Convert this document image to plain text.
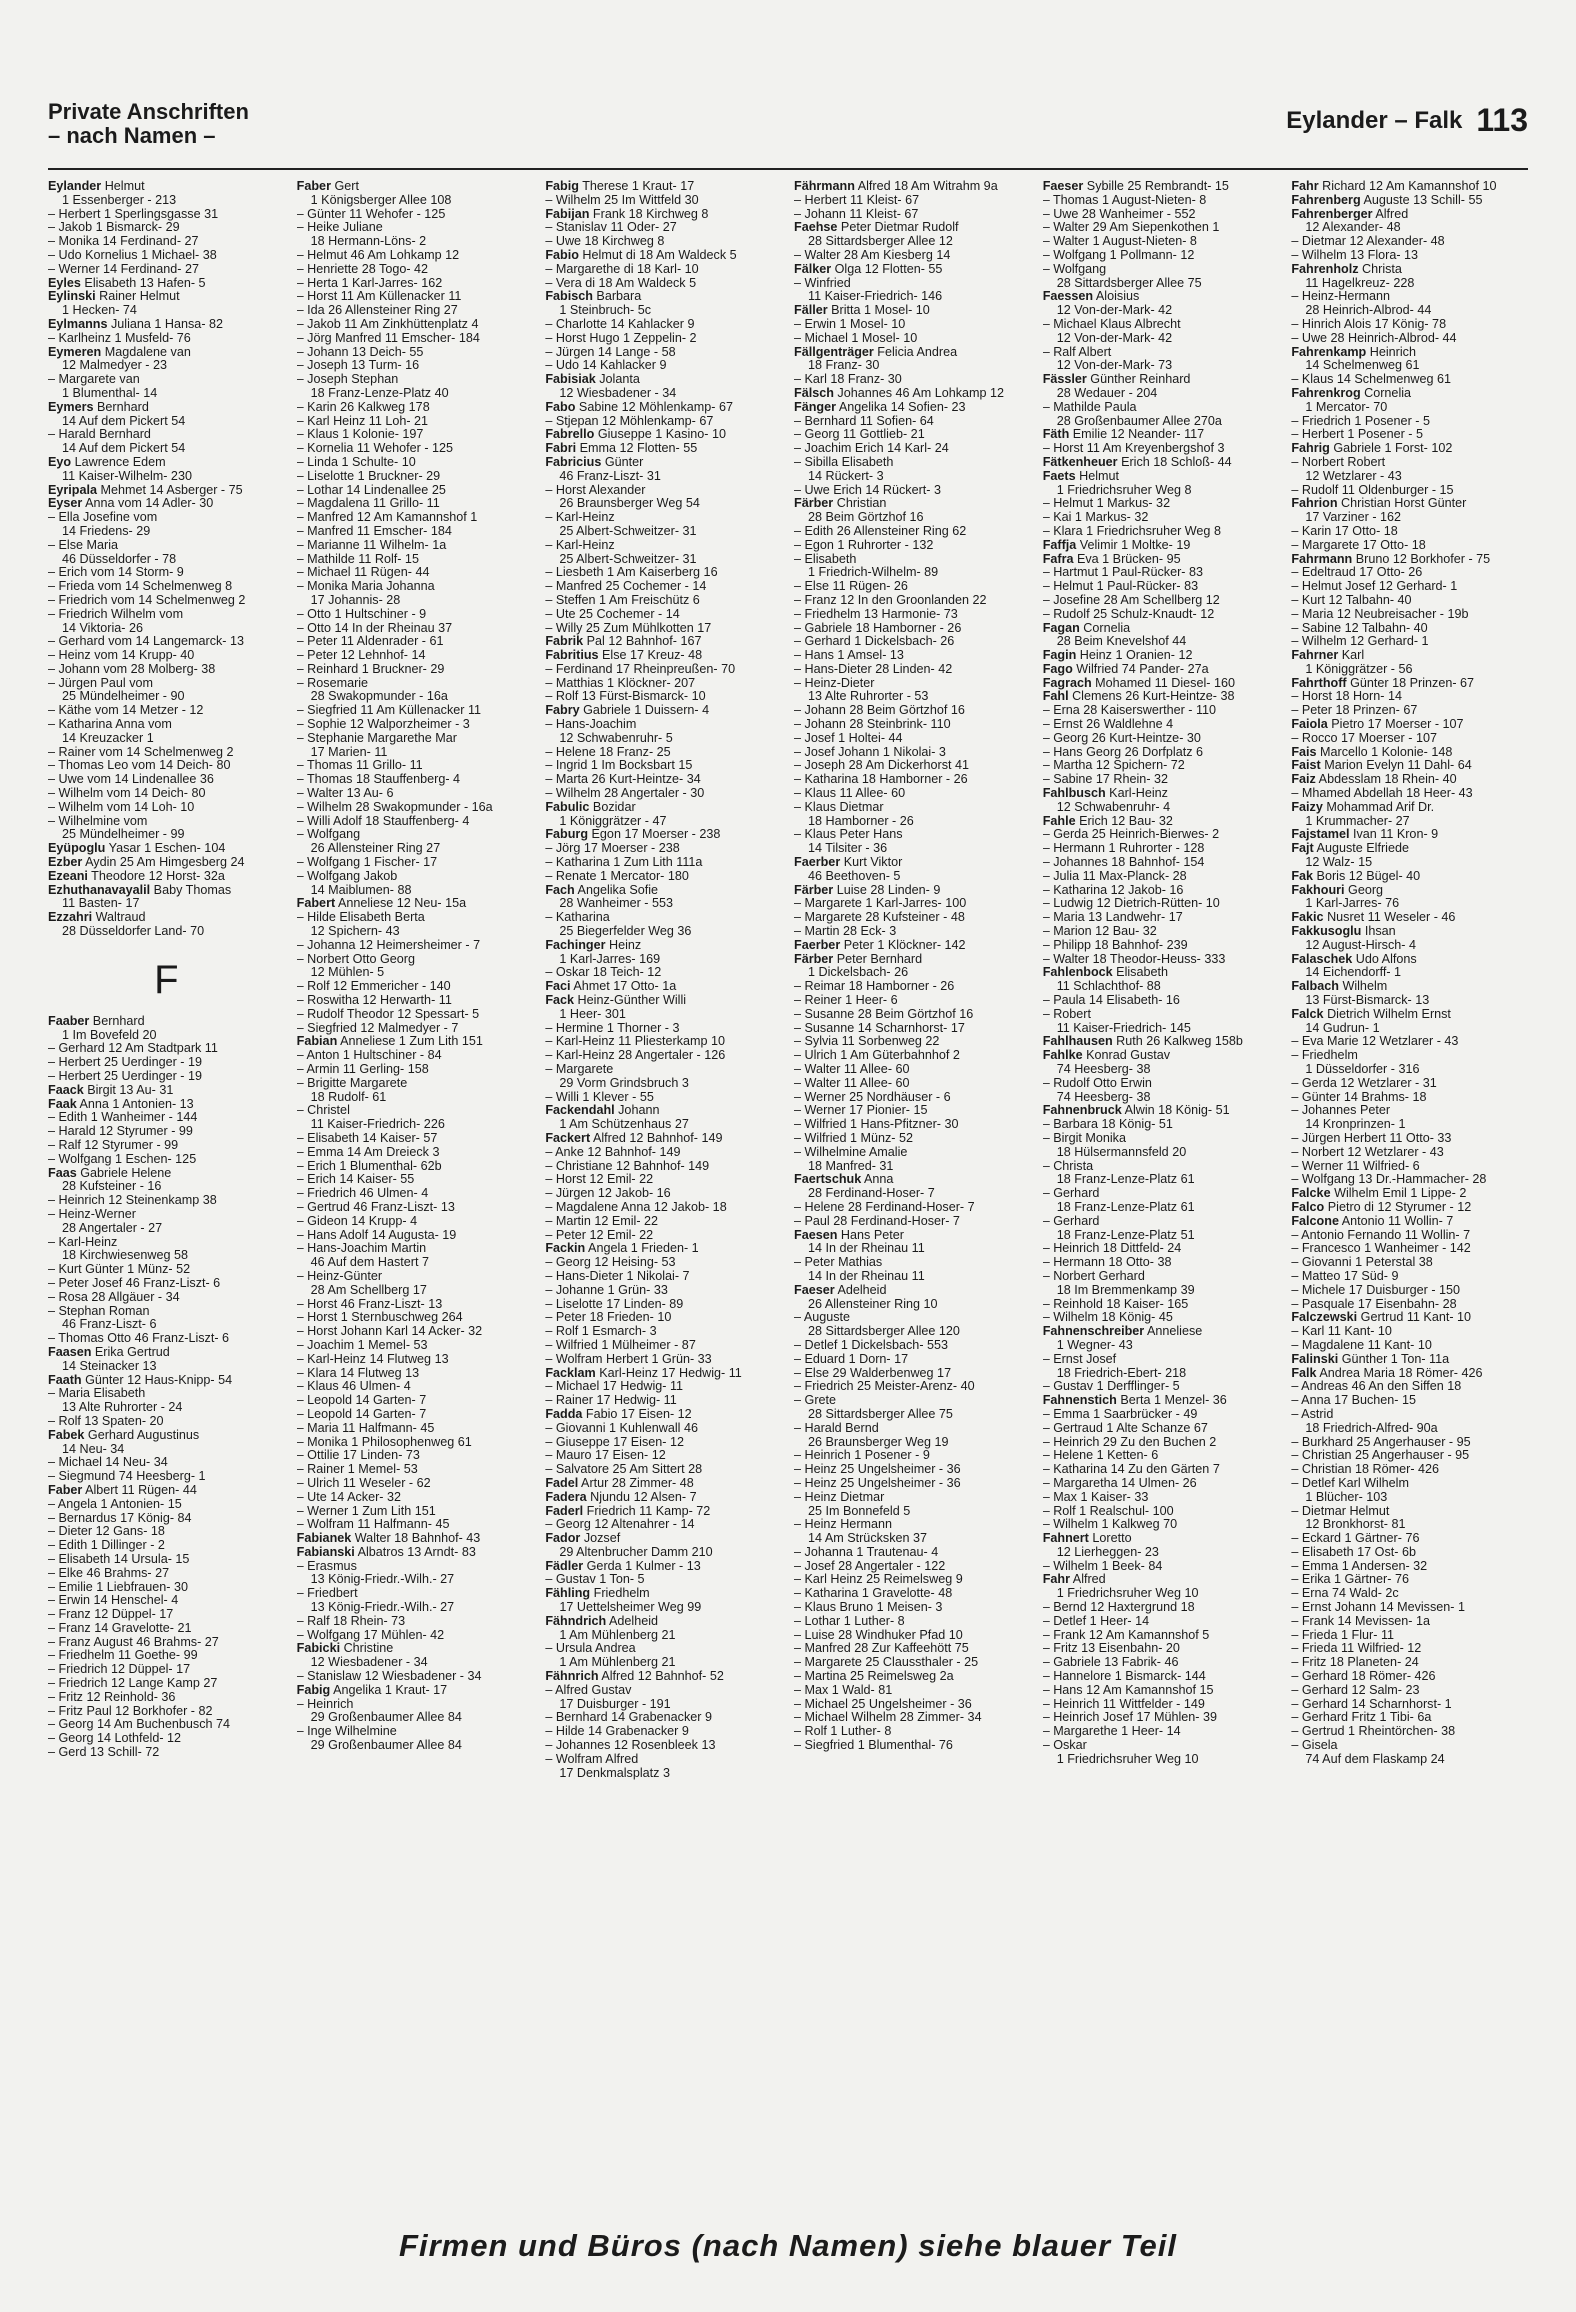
Private Anschriften
– nach Namen –
Eylander – Falk 113
Eylander Helmut
1 Essenberger - 213
– Herbert 1 Sperlingsgasse 31
– Jakob 1 Bismarck- 29
– Monika 14 Ferdinand- 27
– Udo Kornelius 1 Michael- 38
– Werner 14 Ferdinand- 27
Eyles Elisabeth 13 Hafen- 5
Eylinski Rainer Helmut
1 Hecken- 74
Eylmanns Juliana 1 Hansa- 82
– Karlheinz 1 Musfeld- 76
Eymeren Magdalene van
12 Malmedyer - 23
– Margarete van
1 Blumenthal- 14
Eymers Bernhard
14 Auf dem Pickert 54
– Harald Bernhard
14 Auf dem Pickert 54
Eyo Lawrence Edem
11 Kaiser-Wilhelm- 230
Eyripala Mehmet 14 Asberger - 75
Eyser Anna vom 14 Adler- 30
– Ella Josefine vom
14 Friedens- 29
– Else Maria
46 Düsseldorfer - 78
– Erich vom 14 Storm- 9
– Frieda vom 14 Schelmenweg 8
– Friedrich vom 14 Schelmenweg 2
– Friedrich Wilhelm vom
14 Viktoria- 26
– Gerhard vom 14 Langemarck- 13
– Heinz vom 14 Krupp- 40
– Johann vom 28 Molberg- 38
– Jürgen Paul vom
25 Mündelheimer - 90
– Käthe vom 14 Metzer - 12
– Katharina Anna vom
14 Kreuzacker 1
– Rainer vom 14 Schelmenweg 2
– Thomas Leo vom 14 Deich- 80
– Uwe vom 14 Lindenallee 36
– Wilhelm vom 14 Deich- 80
– Wilhelm vom 14 Loh- 10
– Wilhelmine vom
25 Mündelheimer - 99
Eyüpoglu Yasar 1 Eschen- 104
Ezber Aydin 25 Am Himgesberg 24
Ezeani Theodore 12 Horst- 32a
Ezhuthanavayalil Baby Thomas
11 Basten- 17
Ezzahri Waltraud
28 Düsseldorfer Land- 70
F
Faaber Bernhard
1 Im Bovefeld 20
– Gerhard 12 Am Stadtpark 11
– Herbert 25 Uerdinger - 19
– Herbert 25 Uerdinger - 19
Faack Birgit 13 Au- 31
Faak Anna 1 Antonien- 13
– Edith 1 Wanheimer - 144
– Harald 12 Styrumer - 99
– Ralf 12 Styrumer - 99
– Wolfgang 1 Eschen- 125
Faas Gabriele Helene
28 Kufsteiner - 16
– Heinrich 12 Steinenkamp 38
– Heinz-Werner
28 Angertaler - 27
– Karl-Heinz
18 Kirchwiesenweg 58
– Kurt Günter 1 Münz- 52
– Peter Josef 46 Franz-Liszt- 6
– Rosa 28 Allgäuer - 34
– Stephan Roman
46 Franz-Liszt- 6
– Thomas Otto 46 Franz-Liszt- 6
Faasen Erika Gertrud
14 Steinacker 13
Faath Günter 12 Haus-Knipp- 54
– Maria Elisabeth
13 Alte Ruhrorter - 24
– Rolf 13 Spaten- 20
Fabek Gerhard Augustinus
14 Neu- 34
– Michael 14 Neu- 34
– Siegmund 74 Heesberg- 1
Faber Albert 11 Rügen- 44
– Angela 1 Antonien- 15
– Bernardus 17 König- 84
– Dieter 12 Gans- 18
– Edith 1 Dillinger - 2
– Elisabeth 14 Ursula- 15
– Elke 46 Brahms- 27
– Emilie 1 Liebfrauen- 30
– Erwin 14 Henschel- 4
– Franz 12 Düppel- 17
– Franz 14 Gravelotte- 21
– Franz August 46 Brahms- 27
– Friedhelm 11 Goethe- 99
– Friedrich 12 Düppel- 17
– Friedrich 12 Lange Kamp 27
– Fritz 12 Reinhold- 36
– Fritz Paul 12 Borkhofer - 82
– Georg 14 Am Buchenbusch 74
– Georg 14 Lothfeld- 12
– Gerd 13 Schill- 72
Faber Gert
1 Königsberger Allee 108
– Günter 11 Wehofer - 125
– Heike Juliane
18 Hermann-Löns- 2
– Helmut 46 Am Lohkamp 12
– Henriette 28 Togo- 42
– Herta 1 Karl-Jarres- 162
– Horst 11 Am Küllenacker 11
– Ida 26 Allensteiner Ring 27
– Jakob 11 Am Zinkhüttenplatz 4
– Jörg Manfred 11 Emscher- 184
– Johann 13 Deich- 55
– Joseph 13 Turm- 16
– Joseph Stephan
18 Franz-Lenze-Platz 40
– Karin 26 Kalkweg 178
– Karl Heinz 11 Loh- 21
– Klaus 1 Kolonie- 197
– Kornelia 11 Wehofer - 125
– Linda 1 Schulte- 10
– Liselotte 1 Bruckner- 29
– Lothar 14 Lindenallee 25
– Magdalena 11 Grillo- 11
– Manfred 12 Am Kamannshof 1
– Manfred 11 Emscher- 184
– Marianne 11 Wilhelm- 1a
– Mathilde 11 Rolf- 15
– Michael 11 Rügen- 44
– Monika Maria Johanna
17 Johannis- 28
– Otto 1 Hultschiner - 9
– Otto 14 In der Rheinau 37
– Peter 11 Aldenrader - 61
– Peter 12 Lehnhof- 14
– Reinhard 1 Bruckner- 29
– Rosemarie
28 Swakopmunder - 16a
– Siegfried 11 Am Küllenacker 11
– Sophie 12 Walporzheimer - 3
– Stephanie Margarethe Mar
17 Marien- 11
– Thomas 11 Grillo- 11
– Thomas 18 Stauffenberg- 4
– Walter 13 Au- 6
– Wilhelm 28 Swakopmunder - 16a
– Willi Adolf 18 Stauffenberg- 4
– Wolfgang
26 Allensteiner Ring 27
– Wolfgang 1 Fischer- 17
– Wolfgang Jakob
14 Maiblumen- 88
Fabert Anneliese 12 Neu- 15a
– Hilde Elisabeth Berta
12 Spichern- 43
– Johanna 12 Heimersheimer - 7
– Norbert Otto Georg
12 Mühlen- 5
– Rolf 12 Emmericher - 140
– Roswitha 12 Herwarth- 11
– Rudolf Theodor 12 Spessart- 5
– Siegfried 12 Malmedyer - 7
Fabian Anneliese 1 Zum Lith 151
– Anton 1 Hultschiner - 84
– Armin 11 Gerling- 158
– Brigitte Margarete
18 Rudolf- 61
– Christel
11 Kaiser-Friedrich- 226
– Elisabeth 14 Kaiser- 57
– Emma 14 Am Dreieck 3
– Erich 1 Blumenthal- 62b
– Erich 14 Kaiser- 55
– Friedrich 46 Ulmen- 4
– Gertrud 46 Franz-Liszt- 13
– Gideon 14 Krupp- 4
– Hans Adolf 14 Augusta- 19
– Hans-Joachim Martin
46 Auf dem Hastert 7
– Heinz-Günter
28 Am Schellberg 17
– Horst 46 Franz-Liszt- 13
– Horst 1 Sternbuschweg 264
– Horst Johann Karl 14 Acker- 32
– Joachim 1 Memel- 53
– Karl-Heinz 14 Flutweg 13
– Klara 14 Flutweg 13
– Klaus 46 Ulmen- 4
– Leopold 14 Garten- 7
– Leopold 14 Garten- 7
– Maria 11 Halfmann- 45
– Monika 1 Philosophenweg 61
– Ottilie 17 Linden- 73
– Rainer 1 Memel- 53
– Ulrich 11 Weseler - 62
– Ute 14 Acker- 32
– Werner 1 Zum Lith 151
– Wolfram 11 Halfmann- 45
Fabianek Walter 18 Bahnhof- 43
Fabianski Albatros 13 Arndt- 83
– Erasmus
13 König-Friedr.-Wilh.- 27
– Friedbert
13 König-Friedr.-Wilh.- 27
– Ralf 18 Rhein- 73
– Wolfgang 17 Mühlen- 42
Fabicki Christine
12 Wiesbadener - 34
– Stanislaw 12 Wiesbadener - 34
Fabig Angelika 1 Kraut- 17
– Heinrich
29 Großenbaumer Allee 84
– Inge Wilhelmine
29 Großenbaumer Allee 84
Fabig Therese 1 Kraut- 17
– Wilhelm 25 Im Wittfeld 30
Fabijan Frank 18 Kirchweg 8
– Stanislav 11 Oder- 27
– Uwe 18 Kirchweg 8
Fabio Helmut di 18 Am Waldeck 5
– Margarethe di 18 Karl- 10
– Vera di 18 Am Waldeck 5
Fabisch Barbara
1 Steinbruch- 5c
– Charlotte 14 Kahlacker 9
– Horst Hugo 1 Zeppelin- 2
– Jürgen 14 Lange - 58
– Udo 14 Kahlacker 9
Fabisiak Jolanta
12 Wiesbadener - 34
Fabo Sabine 12 Möhlenkamp- 67
– Stjepan 12 Möhlenkamp- 67
Fabrello Giuseppe 1 Kasino- 10
Fabri Emma 12 Flotten- 55
Fabricius Günter
46 Franz-Liszt- 31
– Horst Alexander
26 Braunsberger Weg 54
– Karl-Heinz
25 Albert-Schweitzer- 31
– Karl-Heinz
25 Albert-Schweitzer- 31
– Liesbeth 1 Am Kaiserberg 16
– Manfred 25 Cochemer - 14
– Steffen 1 Am Freischütz 6
– Ute 25 Cochemer - 14
– Willy 25 Zum Mühlkotten 17
Fabrik Pal 12 Bahnhof- 167
Fabritius Else 17 Kreuz- 48
– Ferdinand 17 Rheinpreußen- 70
– Matthias 1 Klöckner- 207
– Rolf 13 Fürst-Bismarck- 10
Fabry Gabriele 1 Duissern- 4
– Hans-Joachim
12 Schwabenruhr- 5
– Helene 18 Franz- 25
– Ingrid 1 Im Bocksbart 15
– Marta 26 Kurt-Heintze- 34
– Wilhelm 28 Angertaler - 30
Fabulic Bozidar
1 Königgrätzer - 47
Faburg Egon 17 Moerser - 238
– Jörg 17 Moerser - 238
– Katharina 1 Zum Lith 111a
– Renate 1 Mercator- 180
Fach Angelika Sofie
28 Wanheimer - 553
– Katharina
25 Biegerfelder Weg 36
Fachinger Heinz
1 Karl-Jarres- 169
– Oskar 18 Teich- 12
Faci Ahmet 17 Otto- 1a
Fack Heinz-Günther Willi
1 Heer- 301
– Hermine 1 Thorner - 3
– Karl-Heinz 11 Pliesterkamp 10
– Karl-Heinz 28 Angertaler - 126
– Margarete
29 Vorm Grindsbruch 3
– Willi 1 Klever - 55
Fackendahl Johann
1 Am Schützenhaus 27
Fackert Alfred 12 Bahnhof- 149
– Anke 12 Bahnhof- 149
– Christiane 12 Bahnhof- 149
– Horst 12 Emil- 22
– Jürgen 12 Jakob- 16
– Magdalene Anna 12 Jakob- 18
– Martin 12 Emil- 22
– Peter 12 Emil- 22
Fackin Angela 1 Frieden- 1
– Georg 12 Heising- 53
– Hans-Dieter 1 Nikolai- 7
– Johanne 1 Grün- 33
– Liselotte 17 Linden- 89
– Peter 18 Frieden- 10
– Rolf 1 Esmarch- 3
– Wilfried 1 Mülheimer - 87
– Wolfram Herbert 1 Grün- 33
Facklam Karl-Heinz 17 Hedwig- 11
– Michael 17 Hedwig- 11
– Rainer 17 Hedwig- 11
Fadda Fabio 17 Eisen- 12
– Giovanni 1 Kuhlenwall 46
– Giuseppe 17 Eisen- 12
– Mauro 17 Eisen- 12
– Salvatore 25 Am Sittert 28
Fadel Artur 28 Zimmer- 48
Fadera Njundu 12 Alsen- 7
Faderl Friedrich 11 Kamp- 72
– Georg 12 Altenahrer - 14
Fador Jozsef
29 Altenbrucher Damm 210
Fädler Gerda 1 Kulmer - 13
– Gustav 1 Ton- 5
Fähling Friedhelm
17 Uettelsheimer Weg 99
Fähndrich Adelheid
1 Am Mühlenberg 21
– Ursula Andrea
1 Am Mühlenberg 21
Fähnrich Alfred 12 Bahnhof- 52
– Alfred Gustav
17 Duisburger - 191
– Bernhard 14 Grabenacker 9
– Hilde 14 Grabenacker 9
– Johannes 12 Rosenbleek 13
– Wolfram Alfred
17 Denkmalsplatz 3
Fährmann Alfred 18 Am Witrahm 9a
– Herbert 11 Kleist- 67
– Johann 11 Kleist- 67
Faehse Peter Dietmar Rudolf
28 Sittardsberger Allee 12
– Walter 28 Am Kiesberg 14
Fälker Olga 12 Flotten- 55
– Winfried
11 Kaiser-Friedrich- 146
Fäller Britta 1 Mosel- 10
– Erwin 1 Mosel- 10
– Michael 1 Mosel- 10
Fällgenträger Felicia Andrea
18 Franz- 30
– Karl 18 Franz- 30
Fälsch Johannes 46 Am Lohkamp 12
Fänger Angelika 14 Sofien- 23
– Bernhard 11 Sofien- 64
– Georg 11 Gottlieb- 21
– Joachim Erich 14 Karl- 24
– Sibilla Elisabeth
14 Rückert- 3
– Uwe Erich 14 Rückert- 3
Färber Christian
28 Beim Görtzhof 16
– Edith 26 Allensteiner Ring 62
– Egon 1 Ruhrorter - 132
– Elisabeth
1 Friedrich-Wilhelm- 89
– Else 11 Rügen- 26
– Franz 12 In den Groonlanden 22
– Friedhelm 13 Harmonie- 73
– Gabriele 18 Hamborner - 26
– Gerhard 1 Dickelsbach- 26
– Hans 1 Amsel- 13
– Hans-Dieter 28 Linden- 42
– Heinz-Dieter
13 Alte Ruhrorter - 53
– Johann 28 Beim Görtzhof 16
– Johann 28 Steinbrink- 110
– Josef 1 Holtei- 44
– Josef Johann 1 Nikolai- 3
– Joseph 28 Am Dickerhorst 41
– Katharina 18 Hamborner - 26
– Klaus 11 Allee- 60
– Klaus Dietmar
18 Hamborner - 26
– Klaus Peter Hans
14 Tilsiter - 36
Faerber Kurt Viktor
46 Beethoven- 5
Färber Luise 28 Linden- 9
– Margarete 1 Karl-Jarres- 100
– Margarete 28 Kufsteiner - 48
– Martin 28 Eck- 3
Faerber Peter 1 Klöckner- 142
Färber Peter Bernhard
1 Dickelsbach- 26
– Reimar 18 Hamborner - 26
– Reiner 1 Heer- 6
– Susanne 28 Beim Görtzhof 16
– Susanne 14 Scharnhorst- 17
– Sylvia 11 Sorbenweg 22
– Ulrich 1 Am Güterbahnhof 2
– Walter 11 Allee- 60
– Walter 11 Allee- 60
– Werner 25 Nordhäuser - 6
– Werner 17 Pionier- 15
– Wilfried 1 Hans-Pfitzner- 30
– Wilfried 1 Münz- 52
– Wilhelmine Amalie
18 Manfred- 31
Faertschuk Anna
28 Ferdinand-Hoser- 7
– Helene 28 Ferdinand-Hoser- 7
– Paul 28 Ferdinand-Hoser- 7
Faesen Hans Peter
14 In der Rheinau 11
– Peter Mathias
14 In der Rheinau 11
Faeser Adelheid
26 Allensteiner Ring 10
– Auguste
28 Sittardsberger Allee 120
– Detlef 1 Dickelsbach- 553
– Eduard 1 Dorn- 17
– Else 29 Walderbenweg 17
– Friedrich 25 Meister-Arenz- 40
– Grete
28 Sittardsberger Allee 75
– Harald Bernd
26 Braunsberger Weg 19
– Heinrich 1 Posener - 9
– Heinz 25 Ungelsheimer - 36
– Heinz 25 Ungelsheimer - 36
– Heinz Dietmar
25 Im Bonnefeld 5
– Heinz Hermann
14 Am Strücksken 37
– Johanna 1 Trautenau- 4
– Josef 28 Angertaler - 122
– Karl Heinz 25 Reimelsweg 9
– Katharina 1 Gravelotte- 48
– Klaus Bruno 1 Meisen- 3
– Lothar 1 Luther- 8
– Luise 28 Windhuker Pfad 10
– Manfred 28 Zur Kaffeehött 75
– Margarete 25 Claussthaler - 25
– Martina 25 Reimelsweg 2a
– Max 1 Wald- 81
– Michael 25 Ungelsheimer - 36
– Michael Wilhelm 28 Zimmer- 34
– Rolf 1 Luther- 8
– Siegfried 1 Blumenthal- 76
Faeser Sybille 25 Rembrandt- 15
– Thomas 1 August-Nieten- 8
– Uwe 28 Wanheimer - 552
– Walter 29 Am Siepenkothen 1
– Walter 1 August-Nieten- 8
– Wolfgang 1 Pollmann- 12
– Wolfgang
28 Sittardsberger Allee 75
Faessen Aloisius
12 Von-der-Mark- 42
– Michael Klaus Albrecht
12 Von-der-Mark- 42
– Ralf Albert
12 Von-der-Mark- 73
Fässler Günther Reinhard
28 Wedauer - 204
– Mathilde Paula
28 Großenbaumer Allee 270a
Fäth Emilie 12 Neander- 117
– Horst 11 Am Kreyenbergshof 3
Fätkenheuer Erich 18 Schloß- 44
Faets Helmut
1 Friedrichsruher Weg 8
– Helmut 1 Markus- 32
– Kai 1 Markus- 32
– Klara 1 Friedrichsruher Weg 8
Faffja Velimir 1 Moltke- 19
Fafra Eva 1 Brücken- 95
– Hartmut 1 Paul-Rücker- 83
– Helmut 1 Paul-Rücker- 83
– Josefine 28 Am Schellberg 12
– Rudolf 25 Schulz-Knaudt- 12
Fagan Cornelia
28 Beim Knevelshof 44
Fagin Heinz 1 Oranien- 12
Fago Wilfried 74 Pander- 27a
Fagrach Mohamed 11 Diesel- 160
Fahl Clemens 26 Kurt-Heintze- 38
– Erna 28 Kaiserswerther - 110
– Ernst 26 Waldlehne 4
– Georg 26 Kurt-Heintze- 30
– Hans Georg 26 Dorfplatz 6
– Martha 12 Spichern- 72
– Sabine 17 Rhein- 32
Fahlbusch Karl-Heinz
12 Schwabenruhr- 4
Fahle Erich 12 Bau- 32
– Gerda 25 Heinrich-Bierwes- 2
– Hermann 1 Ruhrorter - 128
– Johannes 18 Bahnhof- 154
– Julia 11 Max-Planck- 28
– Katharina 12 Jakob- 16
– Ludwig 12 Dietrich-Rütten- 10
– Maria 13 Landwehr- 17
– Marion 12 Bau- 32
– Philipp 18 Bahnhof- 239
– Walter 18 Theodor-Heuss- 333
Fahlenbock Elisabeth
11 Schlachthof- 88
– Paula 14 Elisabeth- 16
– Robert
11 Kaiser-Friedrich- 145
Fahlhausen Ruth 26 Kalkweg 158b
Fahlke Konrad Gustav
74 Heesberg- 38
– Rudolf Otto Erwin
74 Heesberg- 38
Fahnenbruck Alwin 18 König- 51
– Barbara 18 König- 51
– Birgit Monika
18 Hülsermannsfeld 20
– Christa
18 Franz-Lenze-Platz 61
– Gerhard
18 Franz-Lenze-Platz 61
– Gerhard
18 Franz-Lenze-Platz 51
– Heinrich 18 Dittfeld- 24
– Hermann 18 Otto- 38
– Norbert Gerhard
18 Im Bremmenkamp 39
– Reinhold 18 Kaiser- 165
– Wilhelm 18 König- 45
Fahnenschreiber Anneliese
1 Wegner- 43
– Ernst Josef
18 Friedrich-Ebert- 218
– Gustav 1 Derfflinger- 5
Fahnenstich Berta 1 Menzel- 36
– Emma 1 Saarbrücker - 49
– Gertraud 1 Alte Schanze 67
– Heinrich 29 Zu den Buchen 2
– Helene 1 Ketten- 6
– Katharina 14 Zu den Gärten 7
– Margaretha 14 Ulmen- 26
– Max 1 Kaiser- 33
– Rolf 1 Realschul- 100
– Wilhelm 1 Kalkweg 70
Fahnert Loretto
12 Lierheggen- 23
– Wilhelm 1 Beek- 84
Fahr Alfred
1 Friedrichsruher Weg 10
– Bernd 12 Haxtergrund 18
– Detlef 1 Heer- 14
– Frank 12 Am Kamannshof 5
– Fritz 13 Eisenbahn- 20
– Gabriele 13 Fabrik- 46
– Hannelore 1 Bismarck- 144
– Hans 12 Am Kamannshof 15
– Heinrich 11 Wittfelder - 149
– Heinrich Josef 17 Mühlen- 39
– Margarethe 1 Heer- 14
– Oskar
1 Friedrichsruher Weg 10
Fahr Richard 12 Am Kamannshof 10
Fahrenberg Auguste 13 Schill- 55
Fahrenberger Alfred
12 Alexander- 48
– Dietmar 12 Alexander- 48
– Wilhelm 13 Flora- 13
Fahrenholz Christa
11 Hagelkreuz- 228
– Heinz-Hermann
28 Heinrich-Albrod- 44
– Hinrich Alois 17 König- 78
– Uwe 28 Heinrich-Albrod- 44
Fahrenkamp Heinrich
14 Schelmenweg 61
– Klaus 14 Schelmenweg 61
Fahrenkrog Cornelia
1 Mercator- 70
– Friedrich 1 Posener - 5
– Herbert 1 Posener - 5
Fahrig Gabriele 1 Forst- 102
– Norbert Robert
12 Wetzlarer - 43
– Rudolf 11 Oldenburger - 15
Fahrion Christian Horst Günter
17 Varziner - 162
– Karin 17 Otto- 18
– Margarete 17 Otto- 18
Fahrmann Bruno 12 Borkhofer - 75
– Edeltraud 17 Otto- 26
– Helmut Josef 12 Gerhard- 1
– Kurt 12 Talbahn- 40
– Maria 12 Neubreisacher - 19b
– Sabine 12 Talbahn- 40
– Wilhelm 12 Gerhard- 1
Fahrner Karl
1 Königgrätzer - 56
Fahrthoff Günter 18 Prinzen- 67
– Horst 18 Horn- 14
– Peter 18 Prinzen- 67
Faiola Pietro 17 Moerser - 107
– Rocco 17 Moerser - 107
Fais Marcello 1 Kolonie- 148
Faist Marion Evelyn 11 Dahl- 64
Faiz Abdesslam 18 Rhein- 40
– Mhamed Abdellah 18 Heer- 43
Faizy Mohammad Arif Dr.
1 Krummacher- 27
Fajstamel Ivan 11 Kron- 9
Fajt Auguste Elfriede
12 Walz- 15
Fak Boris 12 Bügel- 40
Fakhouri Georg
1 Karl-Jarres- 76
Fakic Nusret 11 Weseler - 46
Fakkusoglu Ihsan
12 August-Hirsch- 4
Falaschek Udo Alfons
14 Eichendorff- 1
Falbach Wilhelm
13 Fürst-Bismarck- 13
Falck Dietrich Wilhelm Ernst
14 Gudrun- 1
– Eva Marie 12 Wetzlarer - 43
– Friedhelm
1 Düsseldorfer - 316
– Gerda 12 Wetzlarer - 31
– Günter 14 Brahms- 18
– Johannes Peter
14 Kronprinzen- 1
– Jürgen Herbert 11 Otto- 33
– Norbert 12 Wetzlarer - 43
– Werner 11 Wilfried- 6
– Wolfgang 13 Dr.-Hammacher- 28
Falcke Wilhelm Emil 1 Lippe- 2
Falco Pietro di 12 Styrumer - 12
Falcone Antonio 11 Wollin- 7
– Antonio Fernando 11 Wollin- 7
– Francesco 1 Wanheimer - 142
– Giovanni 1 Peterstal 38
– Matteo 17 Süd- 9
– Michele 17 Duisburger - 150
– Pasquale 17 Eisenbahn- 28
Falczewski Gertrud 11 Kant- 10
– Karl 11 Kant- 10
– Magdalene 11 Kant- 10
Falinski Günther 1 Ton- 11a
Falk Andrea Maria 18 Römer- 426
– Andreas 46 An den Siffen 18
– Anna 17 Buchen- 15
– Astrid
18 Friedrich-Alfred- 90a
– Burkhard 25 Angerhauser - 95
– Christian 25 Angerhauser - 95
– Christian 18 Römer- 426
– Detlef Karl Wilhelm
1 Blücher- 103
– Dietmar Helmut
12 Bronkhorst- 81
– Eckard 1 Gärtner- 76
– Elisabeth 17 Ost- 6b
– Emma 1 Andersen- 32
– Erika 1 Gärtner- 76
– Erna 74 Wald- 2c
– Ernst Johann 14 Mevissen- 1
– Frank 14 Mevissen- 1a
– Frieda 1 Flur- 11
– Frieda 11 Wilfried- 12
– Fritz 18 Planeten- 24
– Gerhard 18 Römer- 426
– Gerhard 12 Salm- 23
– Gerhard 14 Scharnhorst- 1
– Gerhard Fritz 1 Tibi- 6a
– Gertrud 1 Rheintörchen- 38
– Gisela
74 Auf dem Flaskamp 24
Firmen und Büros (nach Namen) siehe blauer Teil
